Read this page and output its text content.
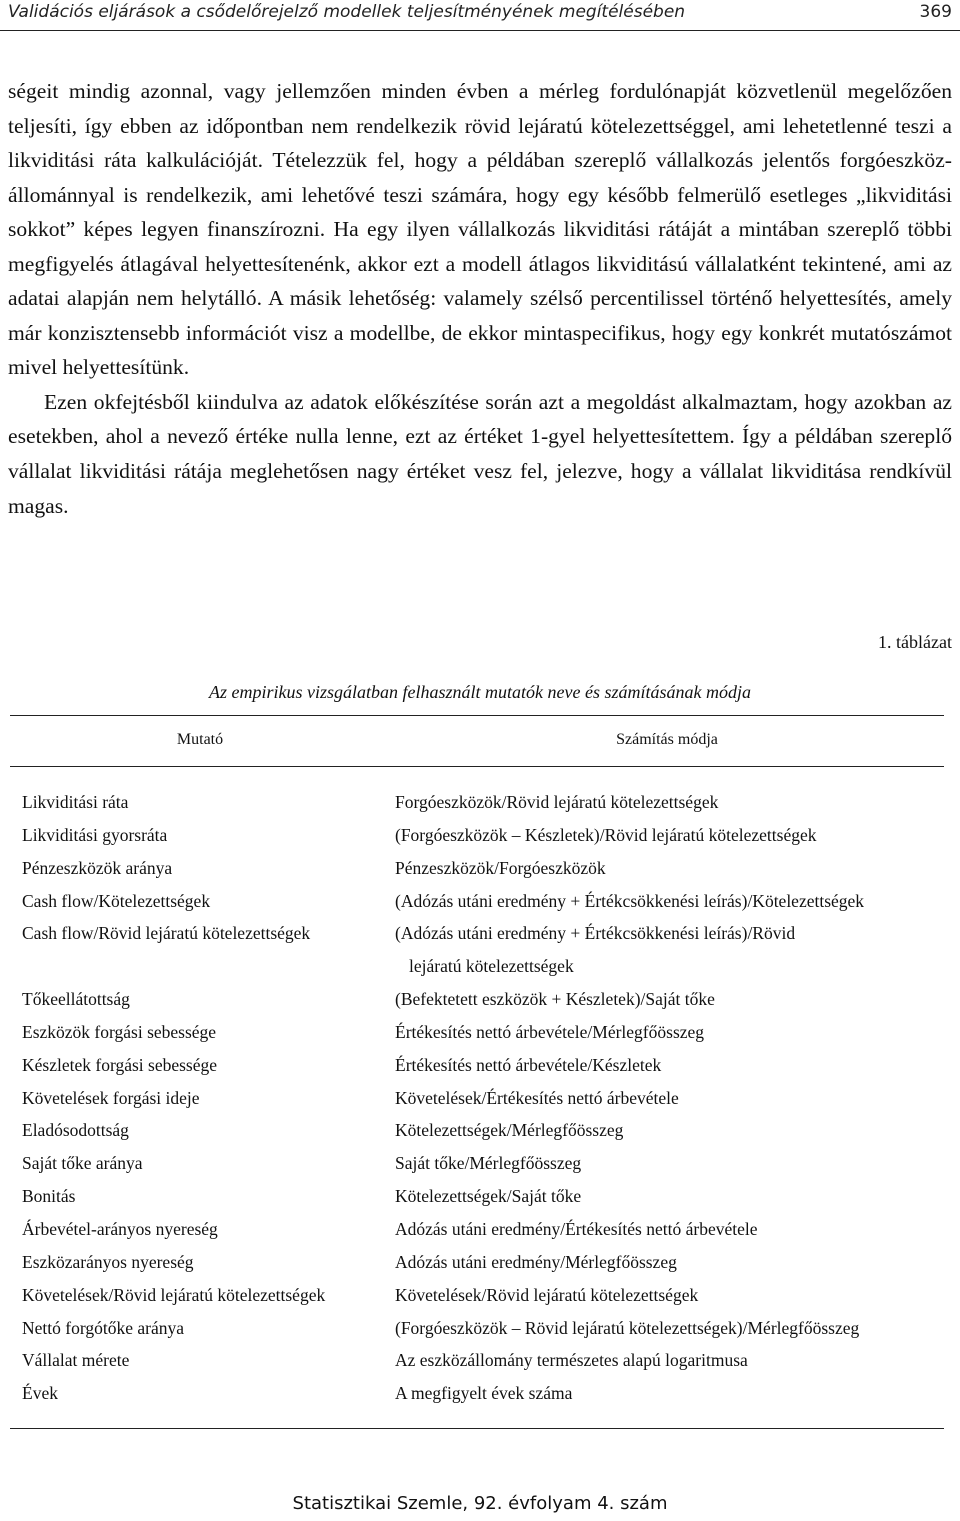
Validációs eljárások a csődelőrejelző modellek teljesítményének megítélésében	369

ségeit mindig azonnal, vagy jellemzően minden évben a mérleg fordulónapját közvetlenül megelőzően teljesíti, így ebben az időpontban nem rendelkezik rövid lejáratú kötelezettséggel, ami lehetetlenné teszi a likviditási ráta kalkulációját. Tételezzük fel, hogy a példában szereplő vállalkozás jelentős forgóeszköz-állománnyal is rendelkezik, ami lehetővé teszi számára, hogy egy később felmerülő esetleges „likviditási sokkot” képes legyen finanszírozni. Ha egy ilyen vállalkozás likviditási rátáját a mintában szereplő többi megfigyelés átlagával helyettesítenénk, akkor ezt a modell átlagos likviditású vállalatként tekintené, ami az adatai alapján nem helytálló. A másik lehetőség: valamely szélső percentilissel történő helyettesítés, amely már konzisztensebb információt visz a modellbe, de ekkor mintaspecifikus, hogy egy konkrét mutatószámot mivel helyettesítünk.

Ezen okfejtésből kiindulva az adatok előkészítése során azt a megoldást alkalmaztam, hogy azokban az esetekben, ahol a nevező értéke nulla lenne, ezt az értéket 1-gyel helyettesítettem. Így a példában szereplő vállalat likviditási rátája meglehetősen nagy értéket vesz fel, jelezve, hogy a vállalat likviditása rendkívül magas.

1. táblázat
Az empirikus vizsgálatban felhasznált mutatók neve és számításának módja
Mutató	Számítás módja
Likviditási ráta	Forgóeszközök/Rövid lejáratú kötelezettségek
Likviditási gyorsráta	(Forgóeszközök – Készletek)/Rövid lejáratú kötelezettségek
Pénzeszközök aránya	Pénzeszközök/Forgóeszközök
Cash flow/Kötelezettségek	(Adózás utáni eredmény + Értékcsökkenési leírás)/Kötelezettségek
Cash flow/Rövid lejáratú kötelezettségek	(Adózás utáni eredmény + Értékcsökkenési leírás)/Rövid
lejáratú kötelezettségek
Tőkeellátottság	(Befektetett eszközök + Készletek)/Saját tőke
Eszközök forgási sebessége	Értékesítés nettó árbevétele/Mérlegfőösszeg
Készletek forgási sebessége	Értékesítés nettó árbevétele/Készletek
Követelések forgási ideje	Követelések/Értékesítés nettó árbevétele
Eladósodottság	Kötelezettségek/Mérlegfőösszeg
Saját tőke aránya	Saját tőke/Mérlegfőösszeg
Bonitás	Kötelezettségek/Saját tőke
Árbevétel-arányos nyereség	Adózás utáni eredmény/Értékesítés nettó árbevétele
Eszközarányos nyereség	Adózás utáni eredmény/Mérlegfőösszeg
Követelések/Rövid lejáratú kötelezettségek	Követelések/Rövid lejáratú kötelezettségek
Nettó forgótőke aránya	(Forgóeszközök – Rövid lejáratú kötelezettségek)/Mérlegfőösszeg
Vállalat mérete	Az eszközállomány természetes alapú logaritmusa
Évek	A megfigyelt évek száma
Statisztikai Szemle, 92. évfolyam 4. szám
